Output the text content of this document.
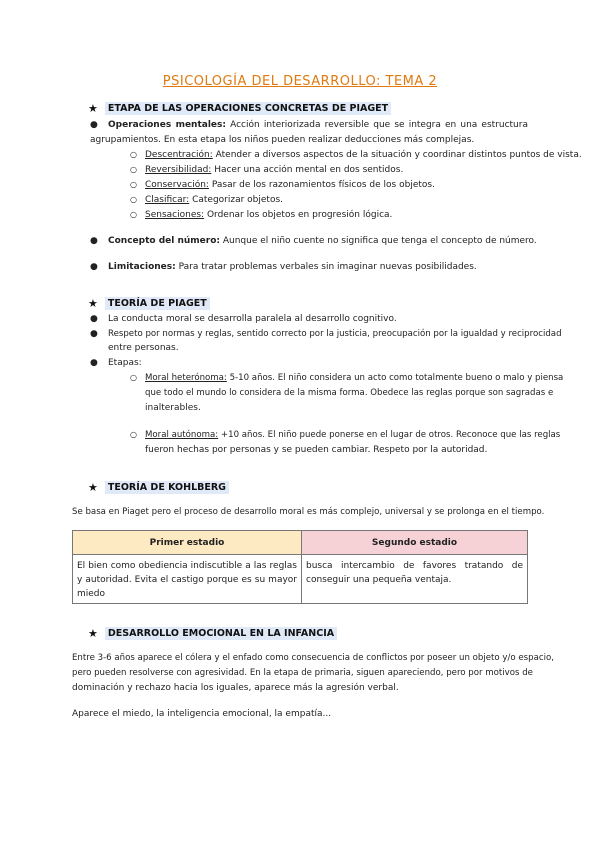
PSICOLOGÍA DEL DESARROLLO: TEMA 2
★	ETAPA DE LAS OPERACIONES CONCRETAS DE PIAGET
● Operaciones mentales: Acción interiorizada reversible que se integra en una estructura
agrupamientos. En esta etapa los niños pueden realizar deducciones más complejas.
○ Descentración: Atender a diversos aspectos de la situación y coordinar distintos puntos de vista.
○ Reversibilidad: Hacer una acción mental en dos sentidos.
○ Conservación: Pasar de los razonamientos físicos de los objetos.
○ Clasificar: Categorizar objetos.
○ Sensaciones: Ordenar los objetos en progresión lógica.
● Concepto del número: Aunque el niño cuente no significa que tenga el concepto de número.
● Limitaciones: Para tratar problemas verbales sin imaginar nuevas posibilidades.
★	TEORÍA DE PIAGET
● La conducta moral se desarrolla paralela al desarrollo cognitivo.
● Respeto por normas y reglas, sentido correcto por la justicia, preocupación por la igualdad y reciprocidad
entre personas.
● Etapas:
○ Moral heterónoma: 5-10 años. El niño considera un acto como totalmente bueno o malo y piensa
que todo el mundo lo considera de la misma forma. Obedece las reglas porque son sagradas e
inalterables.
○ Moral autónoma: +10 años. El niño puede ponerse en el lugar de otros. Reconoce que las reglas
fueron hechas por personas y se pueden cambiar. Respeto por la autoridad.
★	TEORÍA DE KOHLBERG
Se basa en Piaget pero el proceso de desarrollo moral es más complejo, universal y se prolonga en el tiempo.
Primer estadio	Segundo estadio
El bien como obediencia indiscutible a las reglas y autoridad. Evita el castigo porque es su mayor miedo	busca intercambio de favores tratando de conseguir una pequeña ventaja.
★	DESARROLLO EMOCIONAL EN LA INFANCIA
Entre 3-6 años aparece el cólera y el enfado como consecuencia de conflictos por poseer un objeto y/o espacio,
pero pueden resolverse con agresividad. En la etapa de primaria, siguen apareciendo, pero por motivos de
dominación y rechazo hacia los iguales, aparece más la agresión verbal.
Aparece el miedo, la inteligencia emocional, la empatía...
